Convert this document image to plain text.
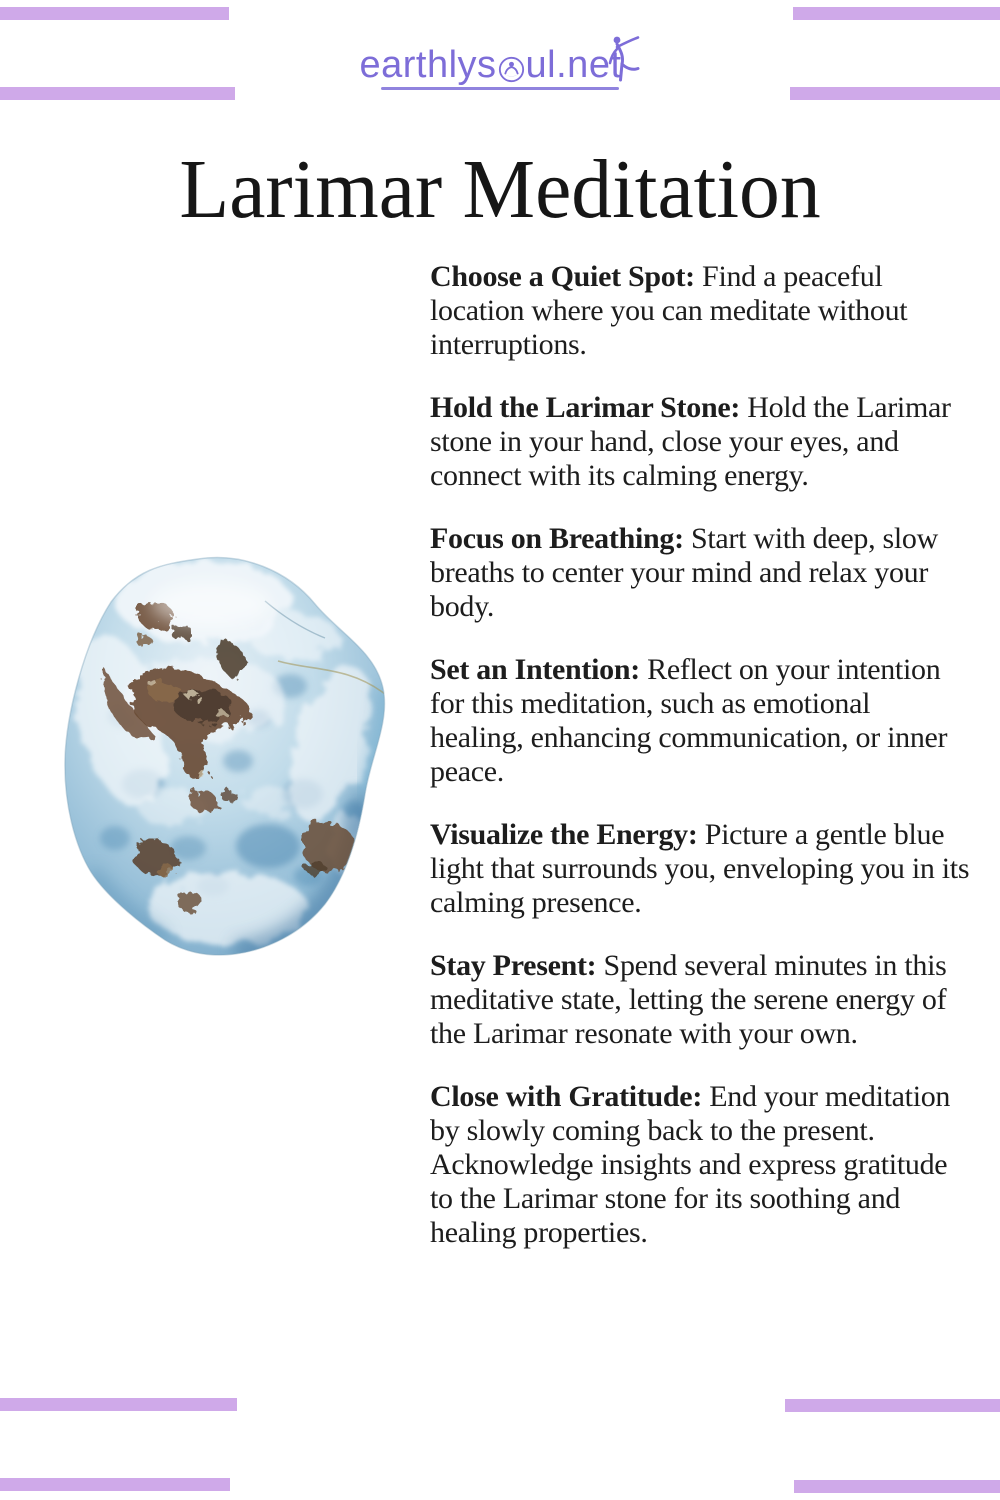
earthlys ul.ne t
Larimar Meditation

Choose a Quiet Spot: Find a peaceful location where you can meditate without interruptions.

Hold the Larimar Stone: Hold the Larimar stone in your hand, close your eyes, and connect with its calming energy.

Focus on Breathing: Start with deep, slow breaths to center your mind and relax your body.

Set an Intention: Reflect on your intention for this meditation, such as emotional healing, enhancing communication, or inner peace.

Visualize the Energy: Picture a gentle blue light that surrounds you, enveloping you in its calming presence.

Stay Present: Spend several minutes in this meditative state, letting the serene energy of the Larimar resonate with your own.

Close with Gratitude: End your meditation by slowly coming back to the present. Acknowledge insights and express gratitude to the Larimar stone for its soothing and healing properties.
